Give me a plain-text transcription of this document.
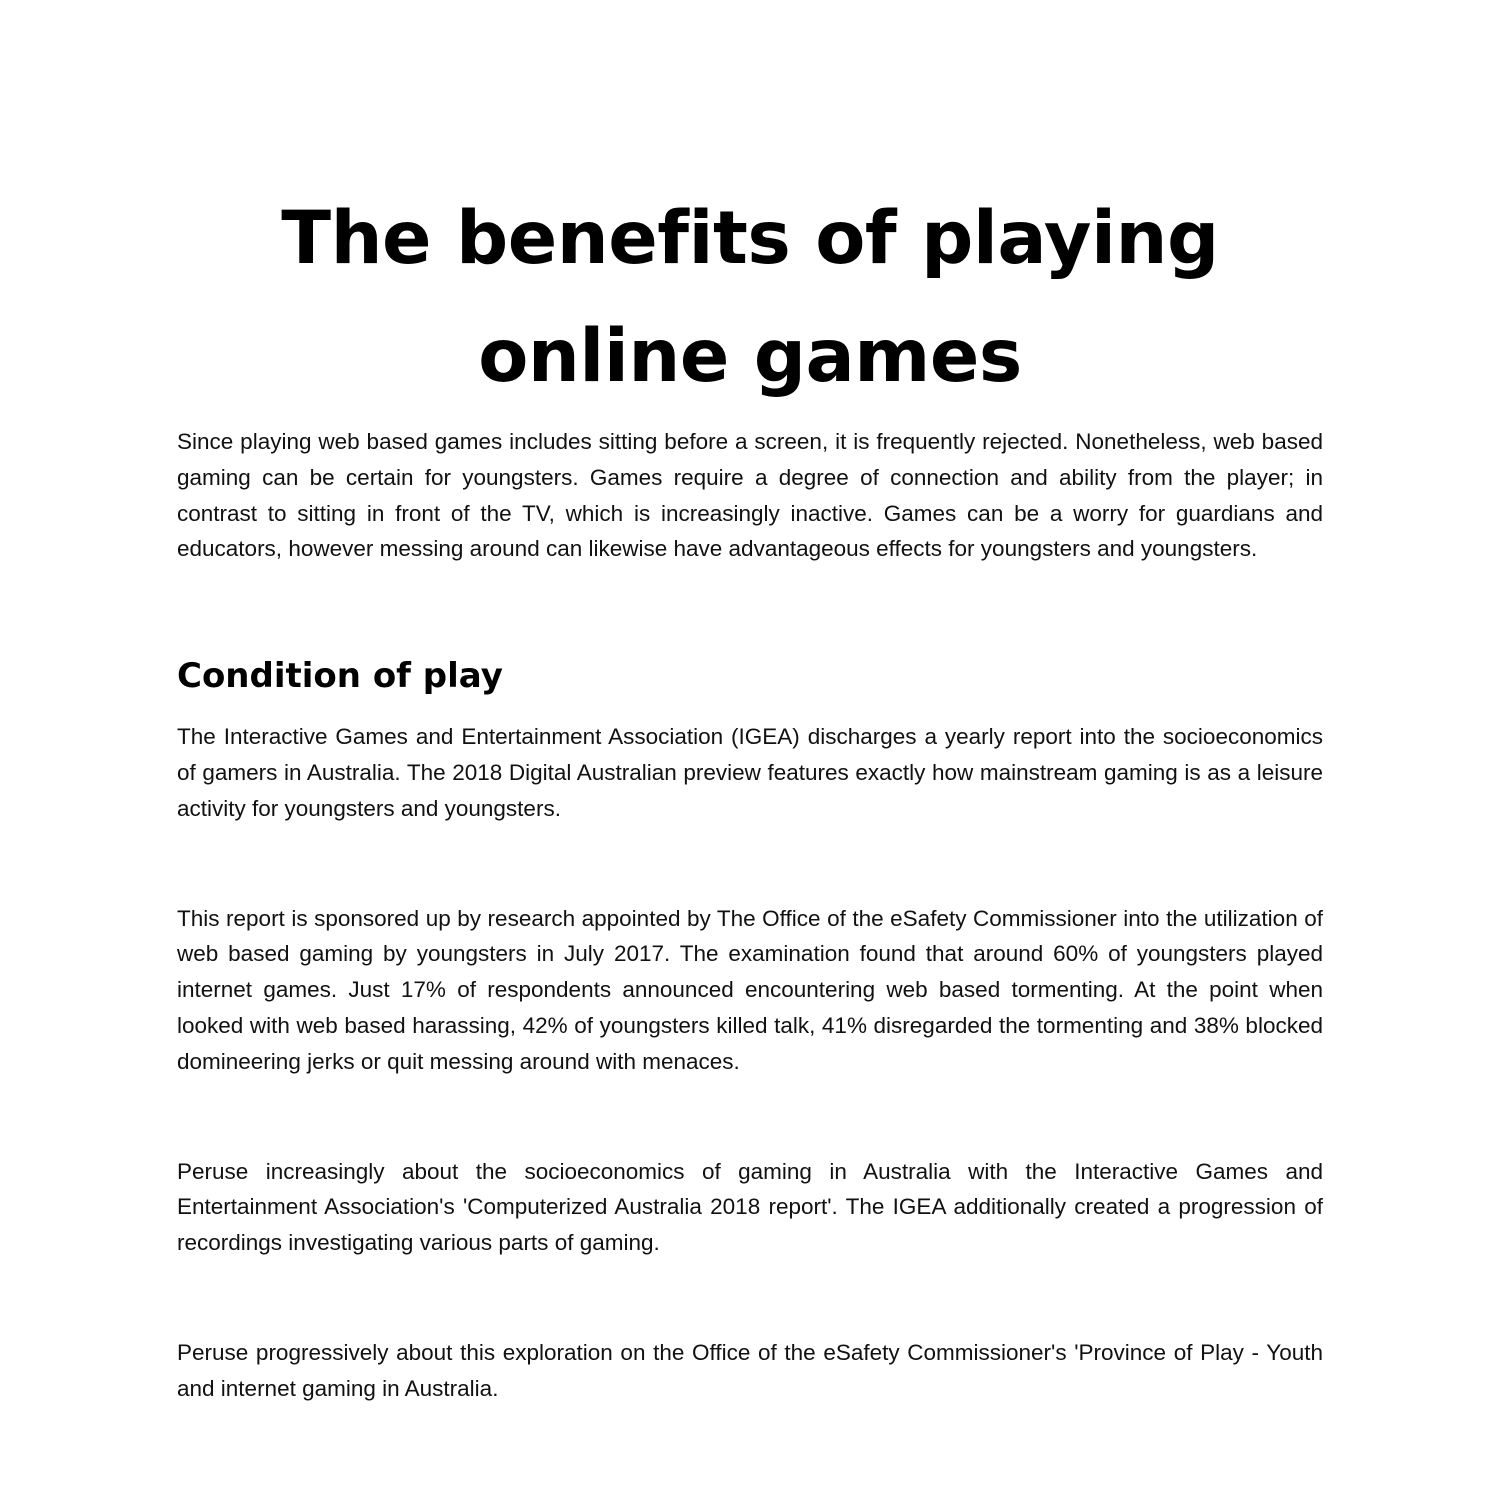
The benefits of playing online games

Since playing web based games includes sitting before a screen, it is frequently rejected. Nonetheless, web based gaming can be certain for youngsters. Games require a degree of connection and ability from the player; in contrast to sitting in front of the TV, which is increasingly inactive. Games can be a worry for guardians and educators, however messing around can likewise have advantageous effects for youngsters and youngsters.

Condition of play

The Interactive Games and Entertainment Association (IGEA) discharges a yearly report into the socioeconomics of gamers in Australia. The 2018 Digital Australian preview features exactly how mainstream gaming is as a leisure activity for youngsters and youngsters.

This report is sponsored up by research appointed by The Office of the eSafety Commissioner into the utilization of web based gaming by youngsters in July 2017. The examination found that around 60% of youngsters played internet games. Just 17% of respondents announced encountering web based tormenting. At the point when looked with web based harassing, 42% of youngsters killed talk, 41% disregarded the tormenting and 38% blocked domineering jerks or quit messing around with menaces.

Peruse increasingly about the socioeconomics of gaming in Australia with the Interactive Games and Entertainment Association's 'Computerized Australia 2018 report'. The IGEA additionally created a progression of recordings investigating various parts of gaming.

Peruse progressively about this exploration on the Office of the eSafety Commissioner's 'Province of Play - Youth and internet gaming in Australia.
